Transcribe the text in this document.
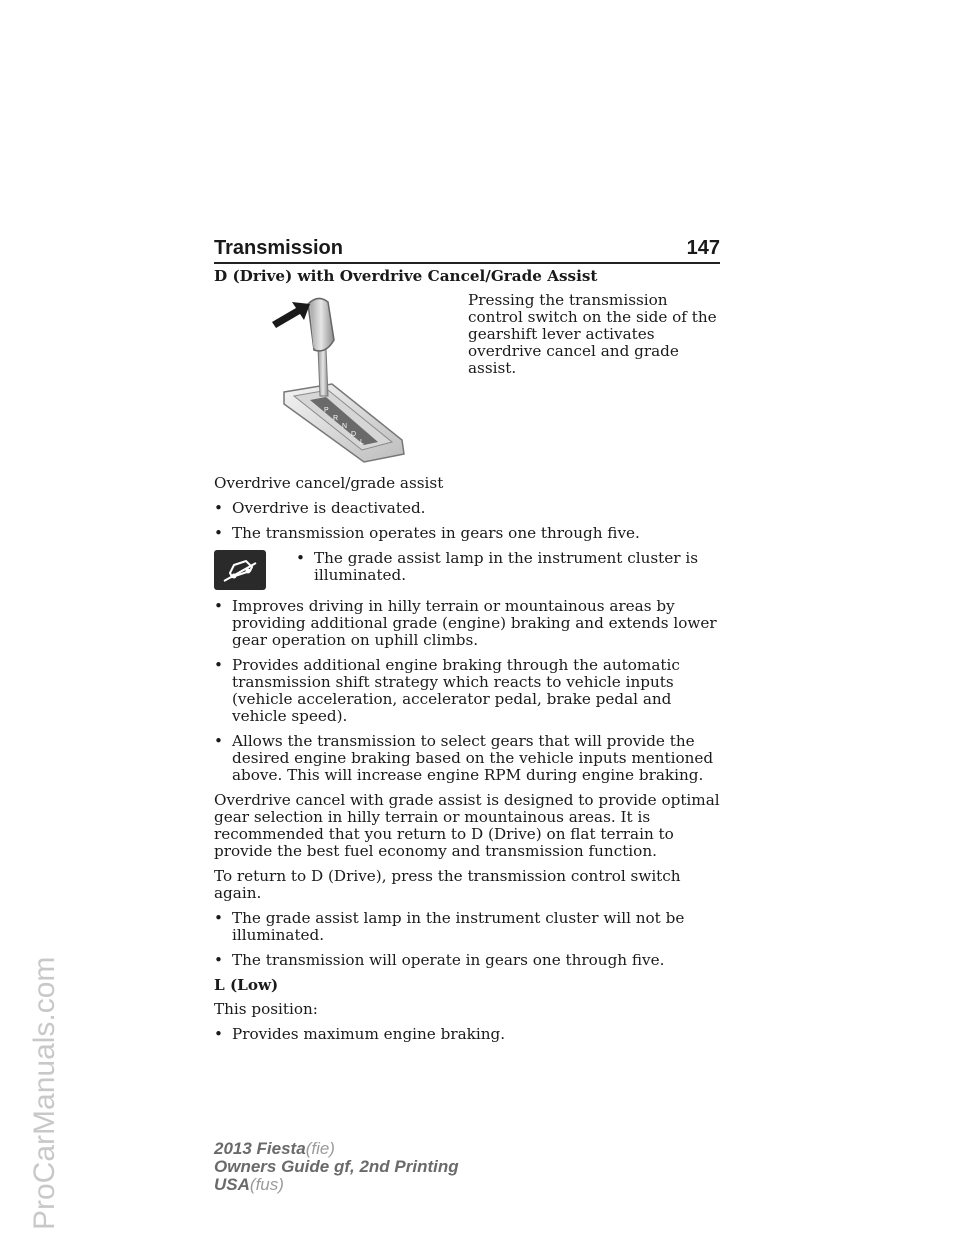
ProCarManuals.com
Transmission	147
D (Drive) with Overdrive Cancel/Grade Assist
P
R
N
D
L
Pressing the transmission control switch on the side of the gearshift lever activates overdrive cancel and grade assist.

Overdrive cancel/grade assist

• Overdrive is deactivated.
• The transmission operates in gears one through five.
• The grade assist lamp in the instrument cluster is illuminated.
• Improves driving in hilly terrain or mountainous areas by providing additional grade (engine) braking and extends lower gear operation on uphill climbs.
• Provides additional engine braking through the automatic transmission shift strategy which reacts to vehicle inputs (vehicle acceleration, accelerator pedal, brake pedal and vehicle speed).
• Allows the transmission to select gears that will provide the desired engine braking based on the vehicle inputs mentioned above. This will increase engine RPM during engine braking.

Overdrive cancel with grade assist is designed to provide optimal gear selection in hilly terrain or mountainous areas. It is recommended that you return to D (Drive) on flat terrain to provide the best fuel economy and transmission function.

To return to D (Drive), press the transmission control switch again.

• The grade assist lamp in the instrument cluster will not be illuminated.
• The transmission will operate in gears one through five.
L (Low)

This position:

• Provides maximum engine braking.
2013 Fiesta(fie)
Owners Guide gf, 2nd Printing
USA(fus)
